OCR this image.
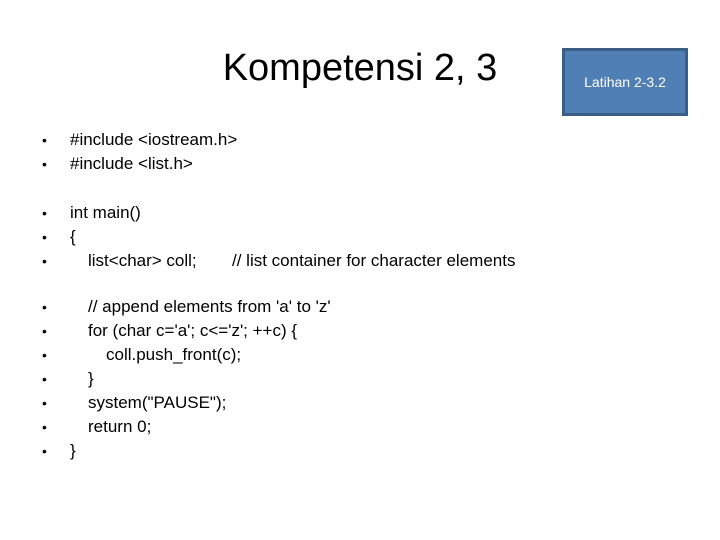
Kompetensi 2, 3	Latihan 2-3.2

•

#include <iostream.h>

•

#include <list.h>

•

int main()

•

{

•

list<char> coll;

// list container for character elements

•

// append elements from 'a' to 'z'

•

for (char c='a'; c<='z'; ++c) {

•

	coll.push_front(c);

•

}

•

system("PAUSE");

•

return 0;

•

}
